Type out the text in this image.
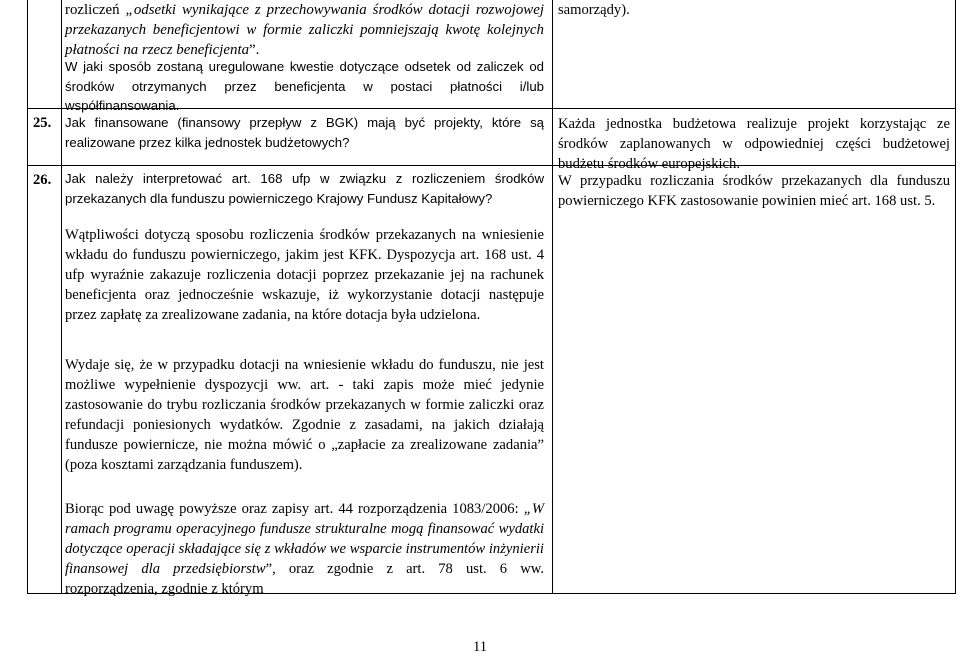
rozliczeń „odsetki wynikające z przechowywania środków dotacji rozwojowej przekazanych beneficjentowi w formie zaliczki pomniejszają kwotę kolejnych płatności na rzecz beneficjenta”.

W jaki sposób zostaną uregulowane kwestie dotyczące odsetek od zaliczek od środków otrzymanych przez beneficjenta w postaci płatności i/lub współfinansowania.

samorządy).

25. Jak finansowane (finansowy przepływ z BGK) mają być projekty, które są realizowane przez kilka jednostek budżetowych?

Każda jednostka budżetowa realizuje projekt korzystając ze środków zaplanowanych w odpowiedniej części budżetowej budżetu środków europejskich.

26. Jak należy interpretować art. 168 ufp w związku z rozliczeniem środków przekazanych dla funduszu powierniczego Krajowy Fundusz Kapitałowy?

Wątpliwości dotyczą sposobu rozliczenia środków przekazanych na wniesienie wkładu do funduszu powierniczego, jakim jest KFK. Dyspozycja art. 168 ust. 4 ufp wyraźnie zakazuje rozliczenia dotacji poprzez przekazanie jej na rachunek beneficjenta oraz jednocześnie wskazuje, iż wykorzystanie dotacji następuje przez zapłatę za zrealizowane zadania, na które dotacja była udzielona.

Wydaje się, że w przypadku dotacji na wniesienie wkładu do funduszu, nie jest możliwe wypełnienie dyspozycji ww. art. - taki zapis może mieć jedynie zastosowanie do trybu rozliczania środków przekazanych w formie zaliczki oraz refundacji poniesionych wydatków. Zgodnie z zasadami, na jakich działają fundusze powiernicze, nie można mówić o „zapłacie za zrealizowane zadania” (poza kosztami zarządzania funduszem).

Biorąc pod uwagę powyższe oraz zapisy art. 44 rozporządzenia 1083/2006: „W ramach programu operacyjnego fundusze strukturalne mogą finansować wydatki dotyczące operacji składające się z wkładów we wsparcie instrumentów inżynierii finansowej dla przedsiębiorstw”, oraz zgodnie z art. 78 ust. 6 ww. rozporządzenia, zgodnie z którym

W przypadku rozliczania środków przekazanych dla funduszu powierniczego KFK zastosowanie powinien mieć art. 168 ust. 5.

11
